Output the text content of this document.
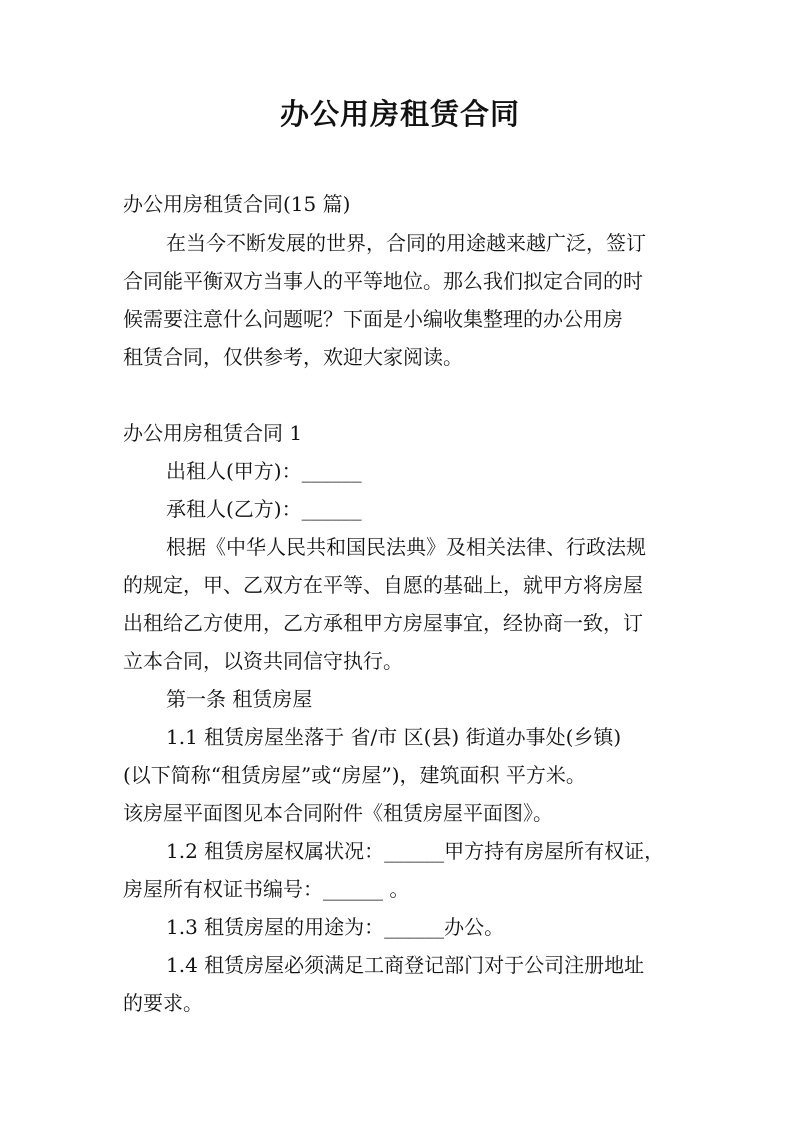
办公用房租赁合同
办公用房租赁合同(15 篇)
在当今不断发展的世界，合同的用途越来越广泛，签订
合同能平衡双方当事人的平等地位。那么我们拟定合同的时
候需要注意什么问题呢？下面是小编收集整理的办公用房
租赁合同，仅供参考，欢迎大家阅读。
办公用房租赁合同 1
出租人(甲方)：______
承租人(乙方)：______
根据《中华人民共和国民法典》及相关法律、行政法规
的规定，甲、乙双方在平等、自愿的基础上，就甲方将房屋
出租给乙方使用，乙方承租甲方房屋事宜，经协商一致，订
立本合同，以资共同信守执行。
第一条 租赁房屋
1.1 租赁房屋坐落于 省/市 区(县) 街道办事处(乡镇)
(以下简称“租赁房屋”或“房屋”)，建筑面积 平方米。
该房屋平面图见本合同附件《租赁房屋平面图》。
1.2 租赁房屋权属状况：______甲方持有房屋所有权证，
房屋所有权证书编号：______ 。
1.3 租赁房屋的用途为：______办公。
1.4 租赁房屋必须满足工商登记部门对于公司注册地址
的要求。
